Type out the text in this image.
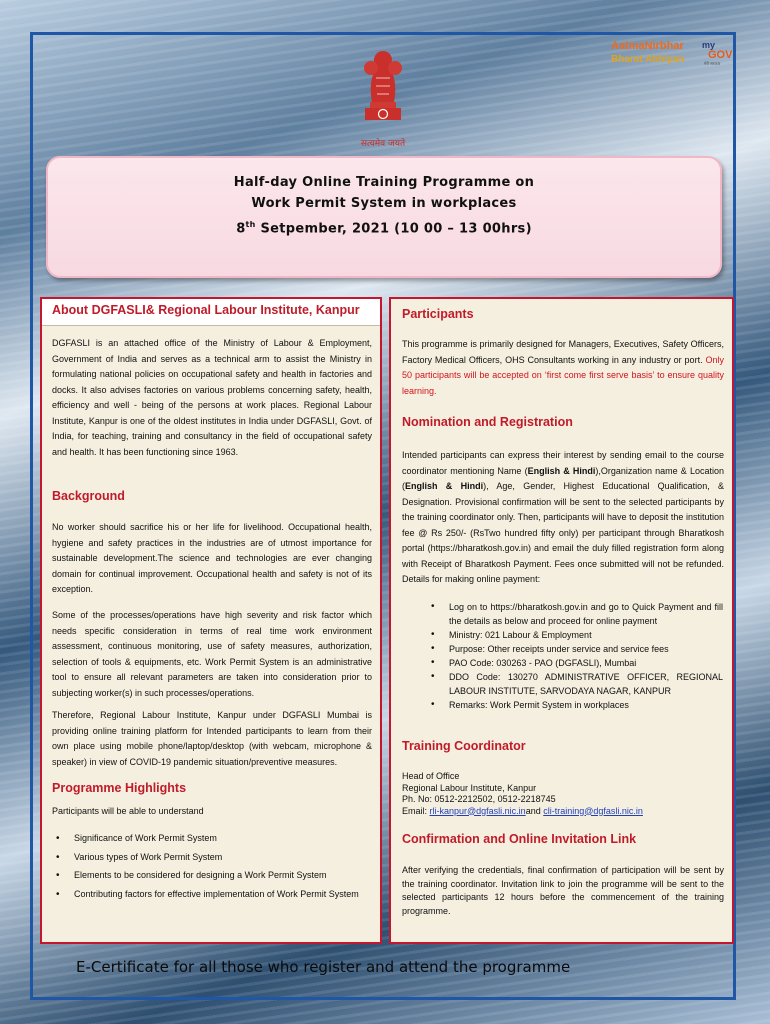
सत्यमेव जयते
AatmaNirbhar
Bharat Abhiyan
my
GOV
मेरी सरकार
Half-day Online Training Programme on
Work Permit System in workplaces
8th Setpember, 2021 (10 00 – 13 00hrs)
About DGFASLI& Regional Labour Institute, Kanpur

DGFASLI is an attached office of the Ministry of Labour & Employment, Government of India and serves as a technical arm to assist the Ministry in formulating national policies on occupational safety and health in factories and docks. It also advises factories on various problems concerning safety, health, efficiency and well - being of the persons at work places. Regional Labour Institute, Kanpur is one of the oldest institutes in India under DGFASLI, Govt. of India, for teaching, training and consultancy in the field of occupational safety and health. It has been functioning since 1963.

Background

No worker should sacrifice his or her life for livelihood. Occupational health, hygiene and safety practices in the industries are of utmost importance for sustainable development.The science and technologies are ever changing domain for continual improvement. Occupational health and safety is not of its exception.

Some of the processes/operations have high severity and risk factor which needs specific consideration in terms of real time work environment assessment, continuous monitoring, use of safety measures, authorization, selection of tools & equipments, etc. Work Permit System is an administrative tool to ensure all relevant parameters are taken into consideration prior to subjecting worker(s) in such processes/operations.

Therefore, Regional Labour Institute, Kanpur under DGFASLI Mumbai is providing online training platform for Intended participants to learn from their own place using mobile phone/laptop/desktop (with webcam, microphone & speaker) in view of COVID-19 pandemic situation/preventive measures.

Programme Highlights

Participants will be able to understand

• Significance of Work Permit System
• Various types of Work Permit System
• Elements to be considered for designing a Work Permit System
• Contributing factors for effective implementation of Work Permit System
Participants

This programme is primarily designed for Managers, Executives, Safety Officers, Factory Medical Officers, OHS Consultants working in any industry or port. Only 50 participants will be accepted on ‘first come first serve basis’ to ensure quality learning.

Nomination and Registration

Intended participants can express their interest by sending email to the course coordinator mentioning Name (English & Hindi),Organization name & Location (English & Hindi), Age, Gender, Highest Educational Qualification, & Designation. Provisional confirmation will be sent to the selected participants by the training coordinator only. Then, participants will have to deposit the institution fee @ Rs 250/- (RsTwo hundred fifty only) per participant through Bharatkosh portal (https://bharatkosh.gov.in) and email the duly filled registration form along with Receipt of Bharatkosh Payment. Fees once submitted will not be refunded. Details for making online payment:

• Log on to https://bharatkosh.gov.in and go to Quick Payment and fill the details as below and proceed for online payment
• Ministry: 021 Labour & Employment
• Purpose: Other receipts under service and service fees
• PAO Code: 030263 - PAO (DGFASLI), Mumbai
• DDO Code: 130270 ADMINISTRATIVE OFFICER, REGIONAL LABOUR INSTITUTE, SARVODAYA NAGAR, KANPUR
• Remarks: Work Permit System in workplaces
Training Coordinator
Head of Office
Regional Labour Institute, Kanpur
Ph. No: 0512-2212502, 0512-2218745
Email: rli-kanpur@dgfasli.nic.inand cli-training@dgfasli.nic.in
Confirmation and Online Invitation Link

After verifying the credentials, final confirmation of participation will be sent by the training coordinator. Invitation link to join the programme will be sent to the selected participants 12 hours before the commencement of the training programme.

E-Certificate for all those who register and attend the programme
